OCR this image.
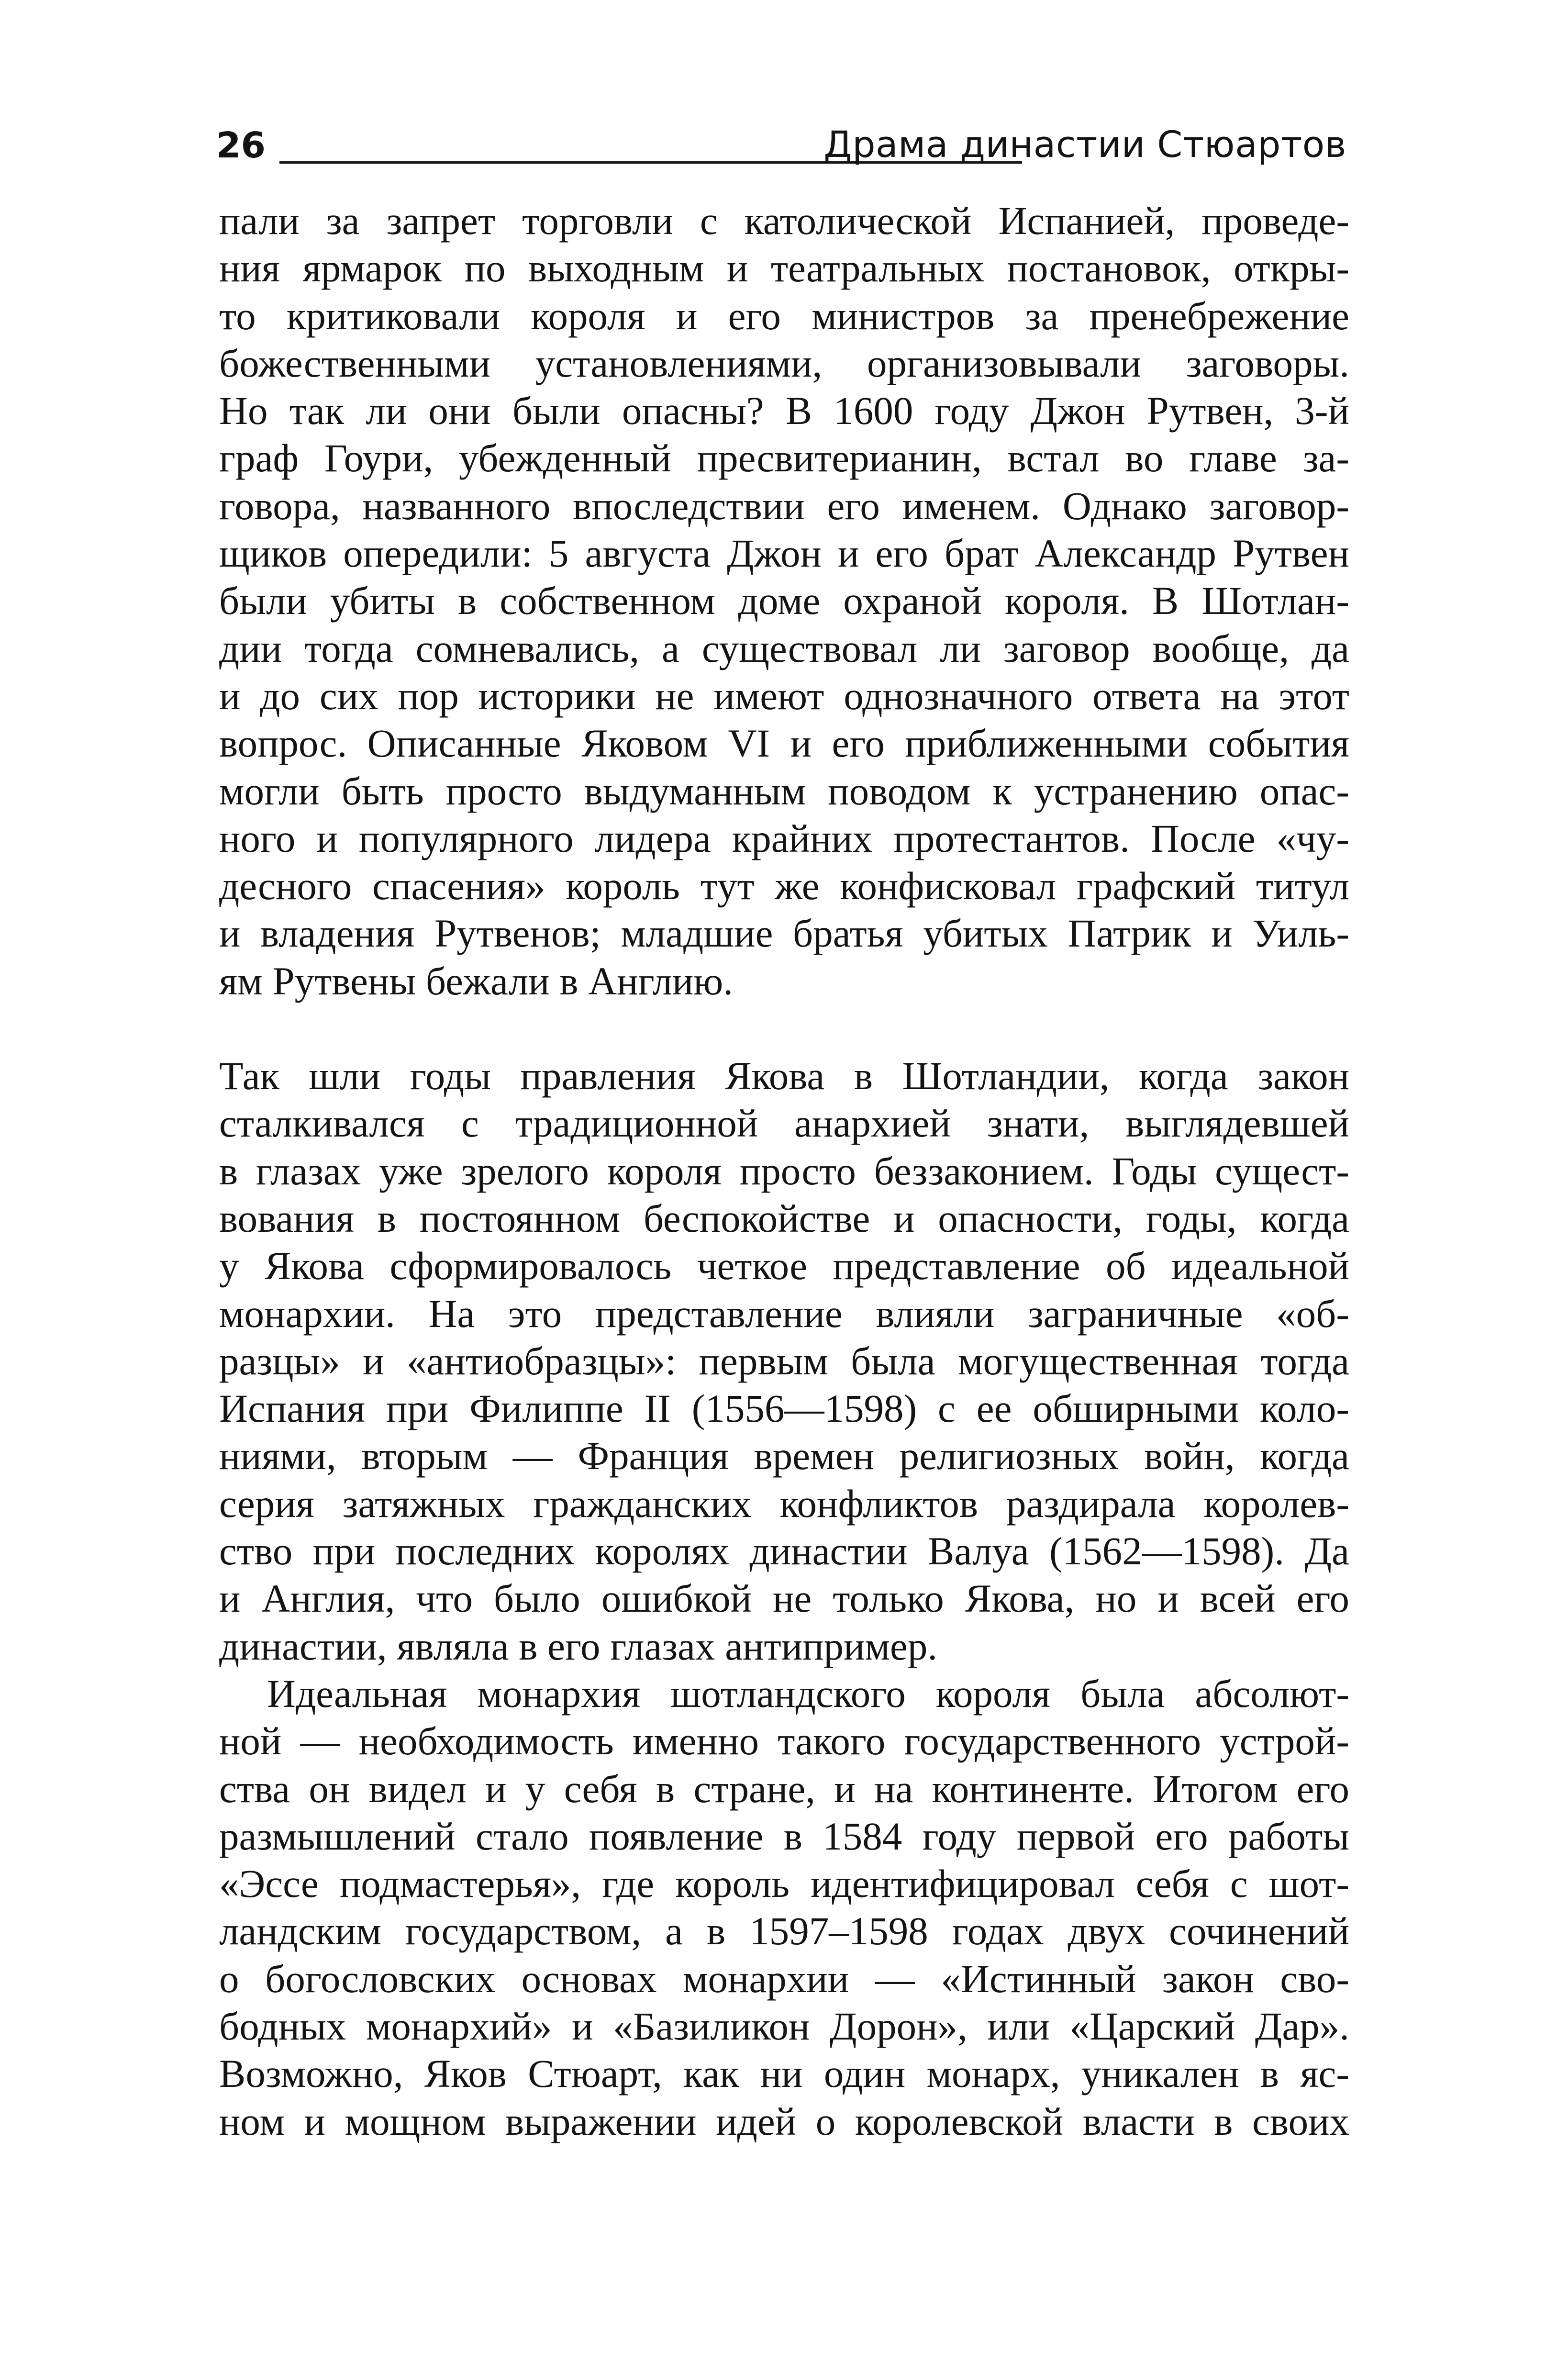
26	Драма династии Стюартов

пали за запрет торговли с католической Испанией, проведе-
ния ярмарок по выходным и театральных постановок, откры-
то критиковали короля и его министров за пренебрежение
божественными установлениями, организовывали заговоры.
Но так ли они были опасны? В 1600 году Джон Рутвен, 3-й
граф Гоури, убежденный пресвитерианин, встал во главе за-
говора, названного впоследствии его именем. Однако заговор-
щиков опередили: 5 августа Джон и его брат Александр Рутвен
были убиты в собственном доме охраной короля. В Шотлан-
дии тогда сомневались, а существовал ли заговор вообще, да
и до сих пор историки не имеют однозначного ответа на этот
вопрос. Описанные Яковом VI и его приближенными события
могли быть просто выдуманным поводом к устранению опас-
ного и популярного лидера крайних протестантов. После «чу-
десного спасения» король тут же конфисковал графский титул
и владения Рутвенов; младшие братья убитых Патрик и Уиль-
ям Рутвены бежали в Англию.

Так шли годы правления Якова в Шотландии, когда закон
сталкивался с традиционной анархией знати, выглядевшей
в глазах уже зрелого короля просто беззаконием. Годы сущест-
вования в постоянном беспокойстве и опасности, годы, когда
у Якова сформировалось четкое представление об идеальной
монархии. На это представление влияли заграничные «об-
разцы» и «антиобразцы»: первым была могущественная тогда
Испания при Филиппе II (1556—1598) с ее обширными коло-
ниями, вторым — Франция времен религиозных войн, когда
серия затяжных гражданских конфликтов раздирала королев-
ство при последних королях династии Валуа (1562—1598). Да
и Англия, что было ошибкой не только Якова, но и всей его
династии, являла в его глазах антипример.

Идеальная монархия шотландского короля была абсолют-
ной — необходимость именно такого государственного устрой-
ства он видел и у себя в стране, и на континенте. Итогом его
размышлений стало появление в 1584 году первой его работы
«Эссе подмастерья», где король идентифицировал себя с шот-
ландским государством, а в 1597–1598 годах двух сочинений
о богословских основах монархии — «Истинный закон сво-
бодных монархий» и «Базиликон Дорон», или «Царский Дар».
Возможно, Яков Стюарт, как ни один монарх, уникален в яс-
ном и мощном выражении идей о королевской власти в своих
